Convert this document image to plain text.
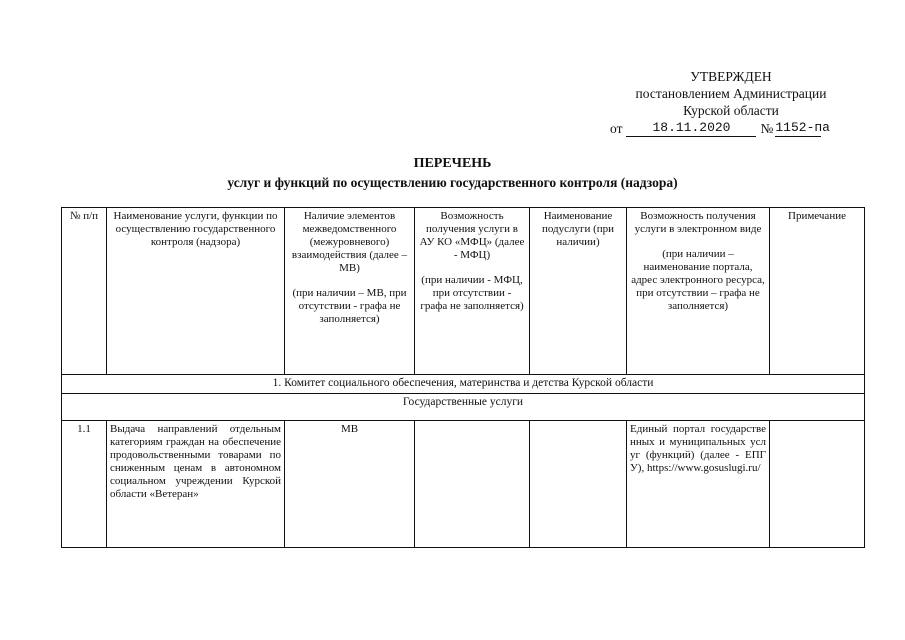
УТВЕРЖДЕН
постановлением Администрации
Курской области
от	18.11.2020	№ 1152-па
ПЕРЕЧЕНЬ
услуг и функций по осуществлению государственного контроля (надзора)
№ п/п	Наименование услуги, функции по осуществлению государственного контроля (надзора)	Наличие элементов межведомственного (межуровневого) взаимодействия (далее – МВ)
(при наличии – МВ, при отсутствии - графа не заполняется)	Возможность получения услуги в АУ КО «МФЦ» (далее - МФЦ)
(при наличии - МФЦ, при отсутствии - графа не заполняется)	Наименование подуслуги (при наличии)	Возможность получения услуги в электронном виде
(при наличии – наименование портала, адрес электронного ресурса, при отсутствии – графа не заполняется)	Примечание
1. Комитет социального обеспечения, материнства и детства Курской области						
Государственные услуги						
1.1	Выдача направлений отдельным категориям граждан на обеспечение продовольственными товарами по сниженным ценам в автономном социальном учреждении Курской области «Ветеран»	МВ			Единый портал государственных и муниципальных услуг (функций) (далее - ЕПГУ), https://www.gosuslugi.ru/	
